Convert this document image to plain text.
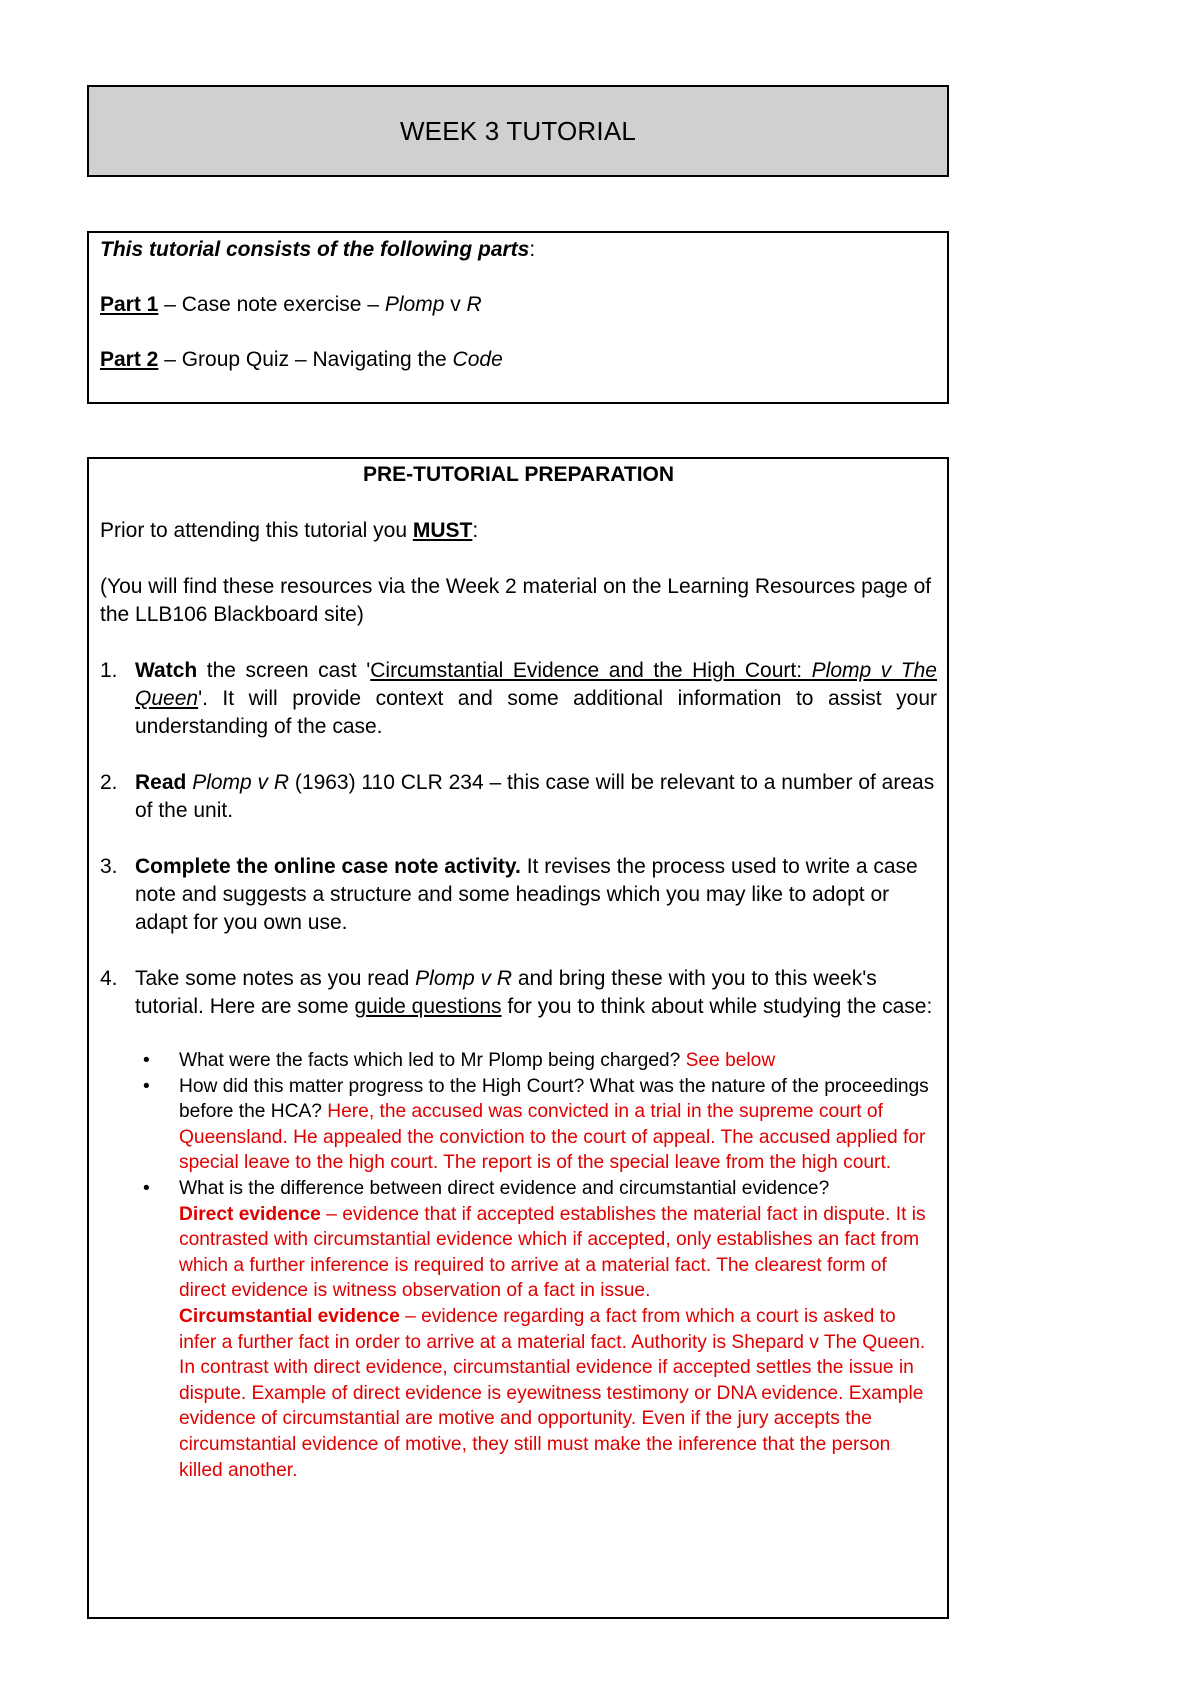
WEEK 3 TUTORIAL

This tutorial consists of the following parts:

Part 1 – Case note exercise – Plomp v R

Part 2 – Group Quiz – Navigating the Code

PRE-TUTORIAL PREPARATION
Prior to attending this tutorial you MUST:
(You will find these resources via the Week 2 material on the Learning Resources page of the LLB106 Blackboard site)
1. Watch the screen cast 'Circumstantial Evidence and the High Court: Plomp v The Queen'. It will provide context and some additional information to assist your understanding of the case.
2. Read Plomp v R (1963) 110 CLR 234 – this case will be relevant to a number of areas of the unit.
3. Complete the online case note activity. It revises the process used to write a case note and suggests a structure and some headings which you may like to adopt or adapt for you own use.
4. Take some notes as you read Plomp v R and bring these with you to this week's tutorial. Here are some guide questions for you to think about while studying the case:
•	What were the facts which led to Mr Plomp being charged? See below
•	How did this matter progress to the High Court? What was the nature of the proceedings before the HCA? Here, the accused was convicted in a trial in the supreme court of Queensland. He appealed the conviction to the court of appeal. The accused applied for special leave to the high court. The report is of the special leave from the high court.
•	What is the difference between direct evidence and circumstantial evidence?
Direct evidence – evidence that if accepted establishes the material fact in dispute. It is contrasted with circumstantial evidence which if accepted, only establishes an fact from which a further inference is required to arrive at a material fact. The clearest form of direct evidence is witness observation of a fact in issue.
Circumstantial evidence – evidence regarding a fact from which a court is asked to infer a further fact in order to arrive at a material fact. Authority is Shepard v The Queen. In contrast with direct evidence, circumstantial evidence if accepted settles the issue in dispute. Example of direct evidence is eyewitness testimony or DNA evidence. Example evidence of circumstantial are motive and opportunity. Even if the jury accepts the circumstantial evidence of motive, they still must make the inference that the person killed another.
